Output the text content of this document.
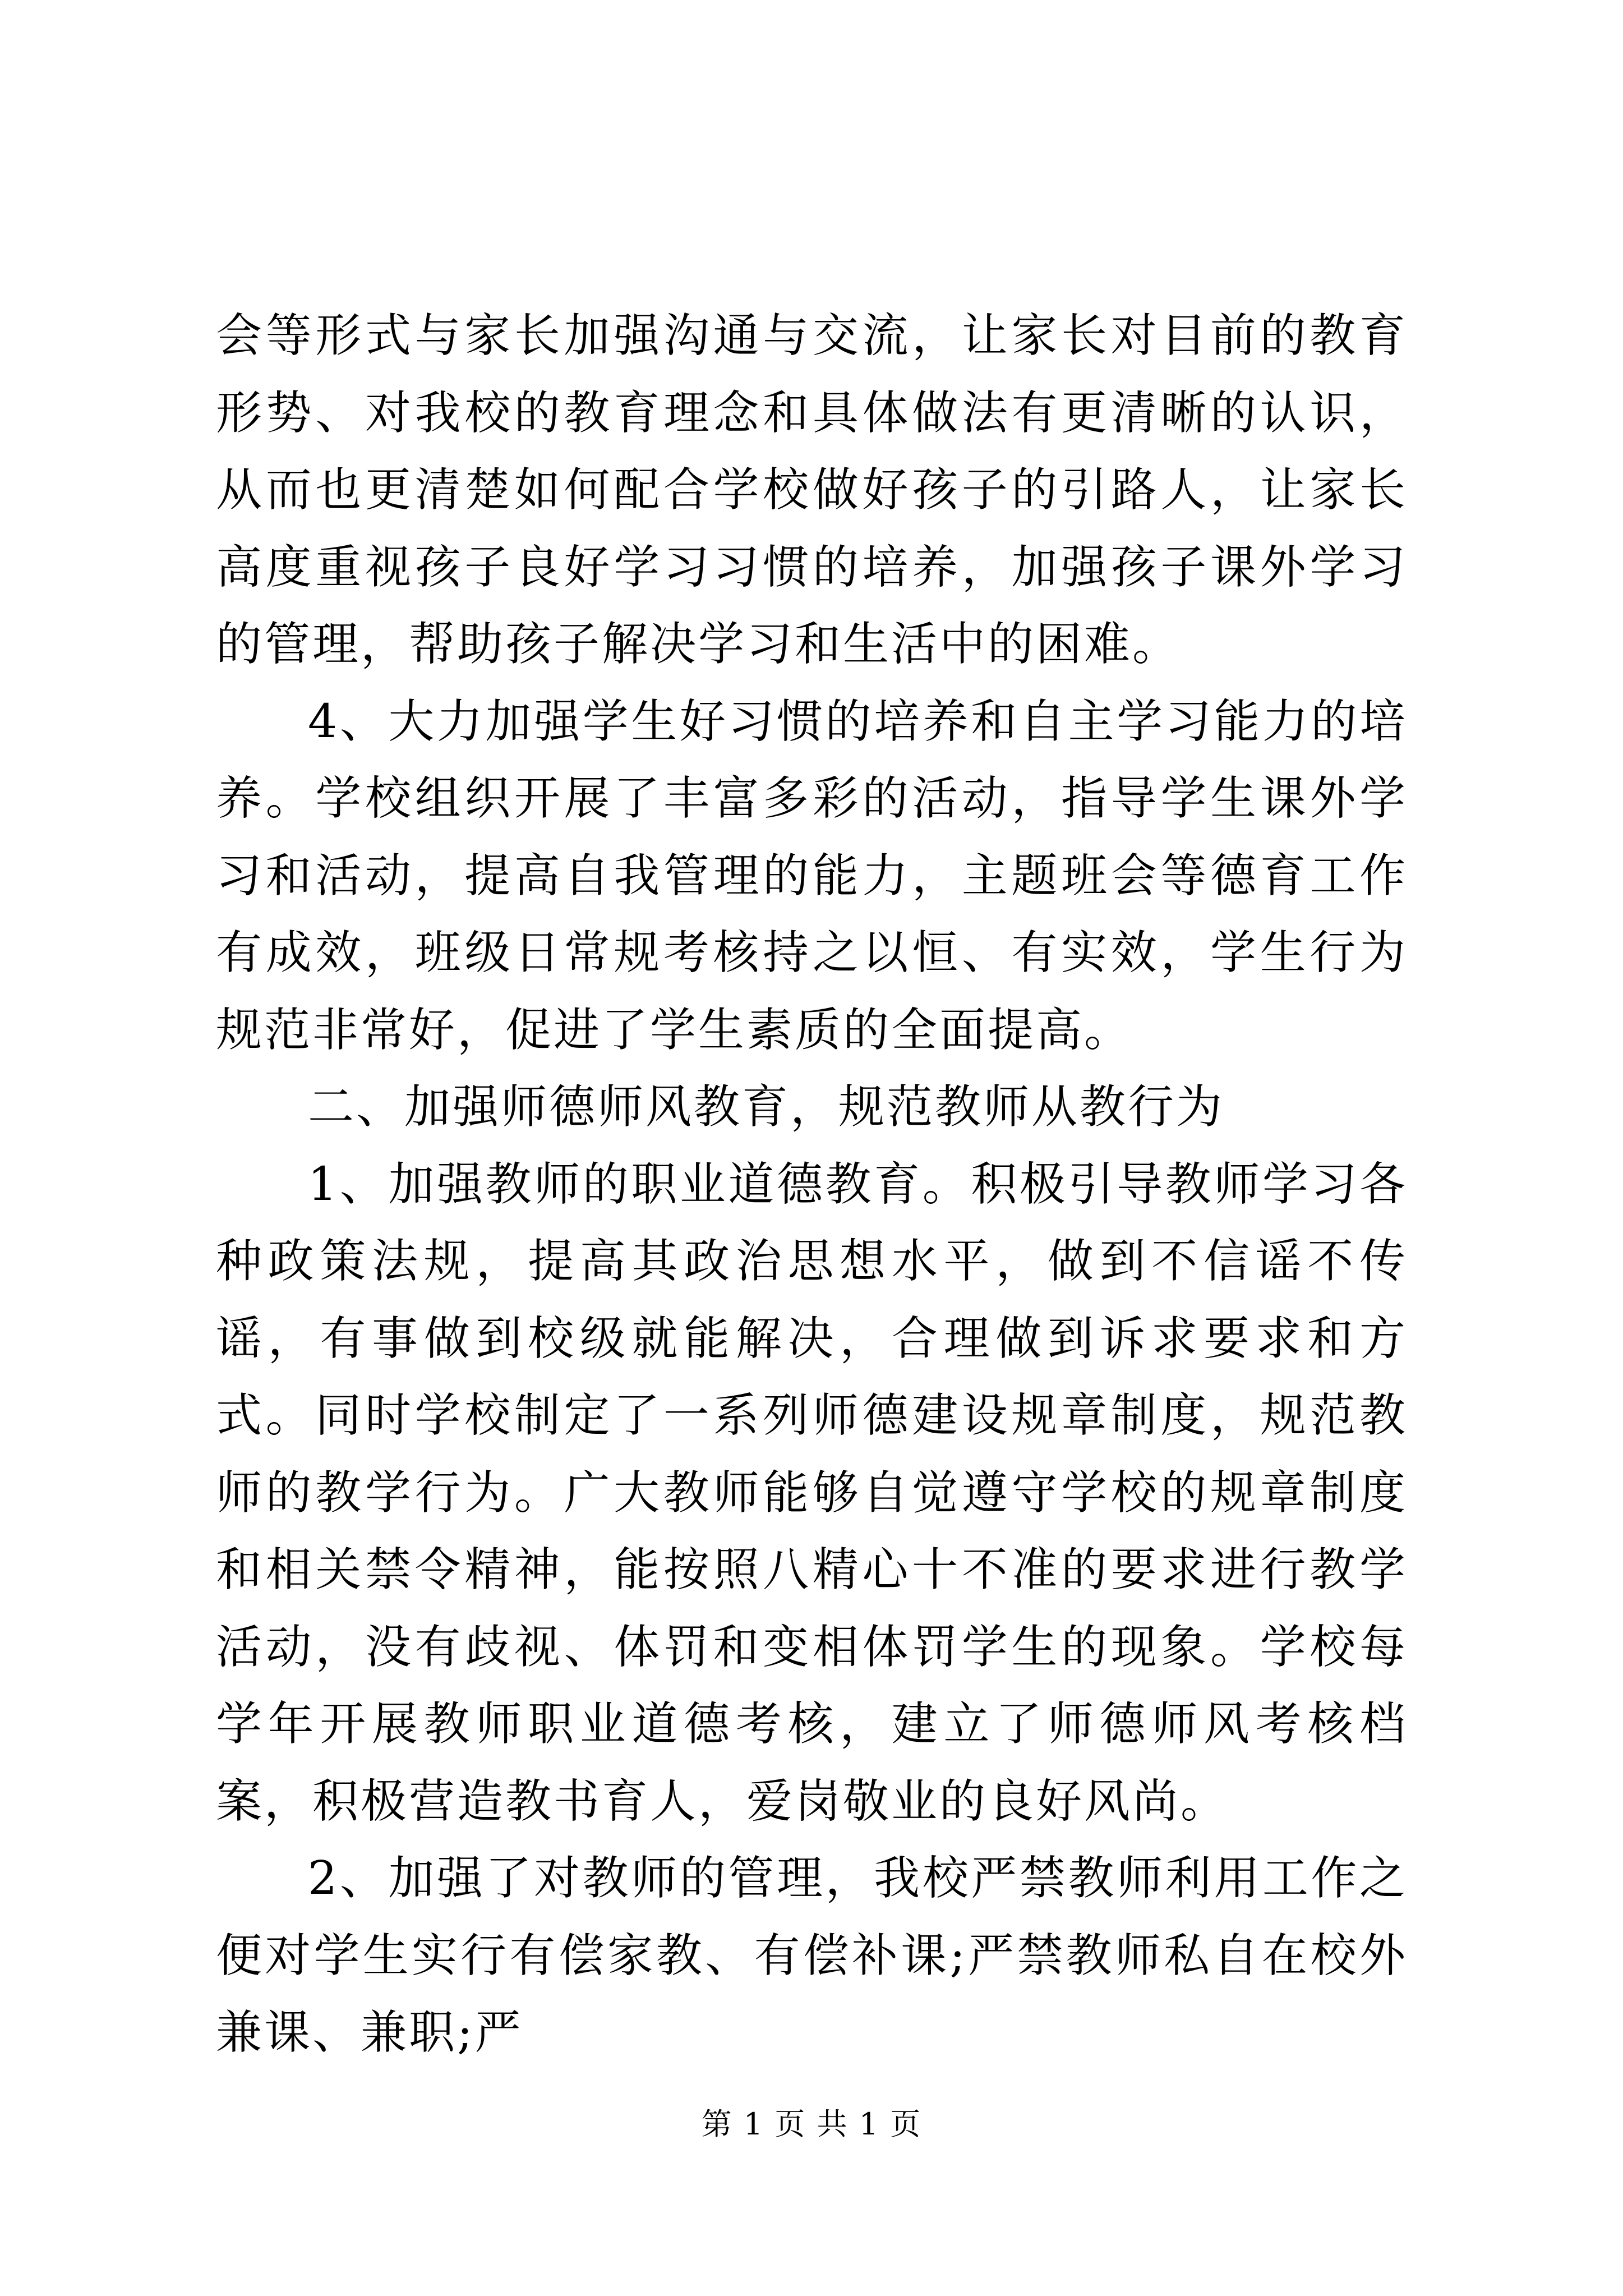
会等形式与家长加强沟通与交流，让家长对目前的教育形势、对我校的教育理念和具体做法有更清晰的认识，从而也更清楚如何配合学校做好孩子的引路人，让家长高度重视孩子良好学习习惯的培养，加强孩子课外学习的管理，帮助孩子解决学习和生活中的困难。

4、大力加强学生好习惯的培养和自主学习能力的培养。学校组织开展了丰富多彩的活动，指导学生课外学习和活动，提高自我管理的能力，主题班会等德育工作有成效，班级日常规考核持之以恒、有实效，学生行为规范非常好，促进了学生素质的全面提高。

二、加强师德师风教育，规范教师从教行为

1、加强教师的职业道德教育。积极引导教师学习各种政策法规，提高其政治思想水平，做到不信谣不传谣，有事做到校级就能解决，合理做到诉求要求和方式。同时学校制定了一系列师德建设规章制度，规范教师的教学行为。广大教师能够自觉遵守学校的规章制度和相关禁令精神，能按照八精心十不准的要求进行教学活动，没有歧视、体罚和变相体罚学生的现象。学校每学年开展教师职业道德考核，建立了师德师风考核档案，积极营造教书育人，爱岗敬业的良好风尚。

2、加强了对教师的管理，我校严禁教师利用工作之便对学生实行有偿家教、有偿补课;严禁教师私自在校外兼课、兼职;严

第 1 页 共 1 页
